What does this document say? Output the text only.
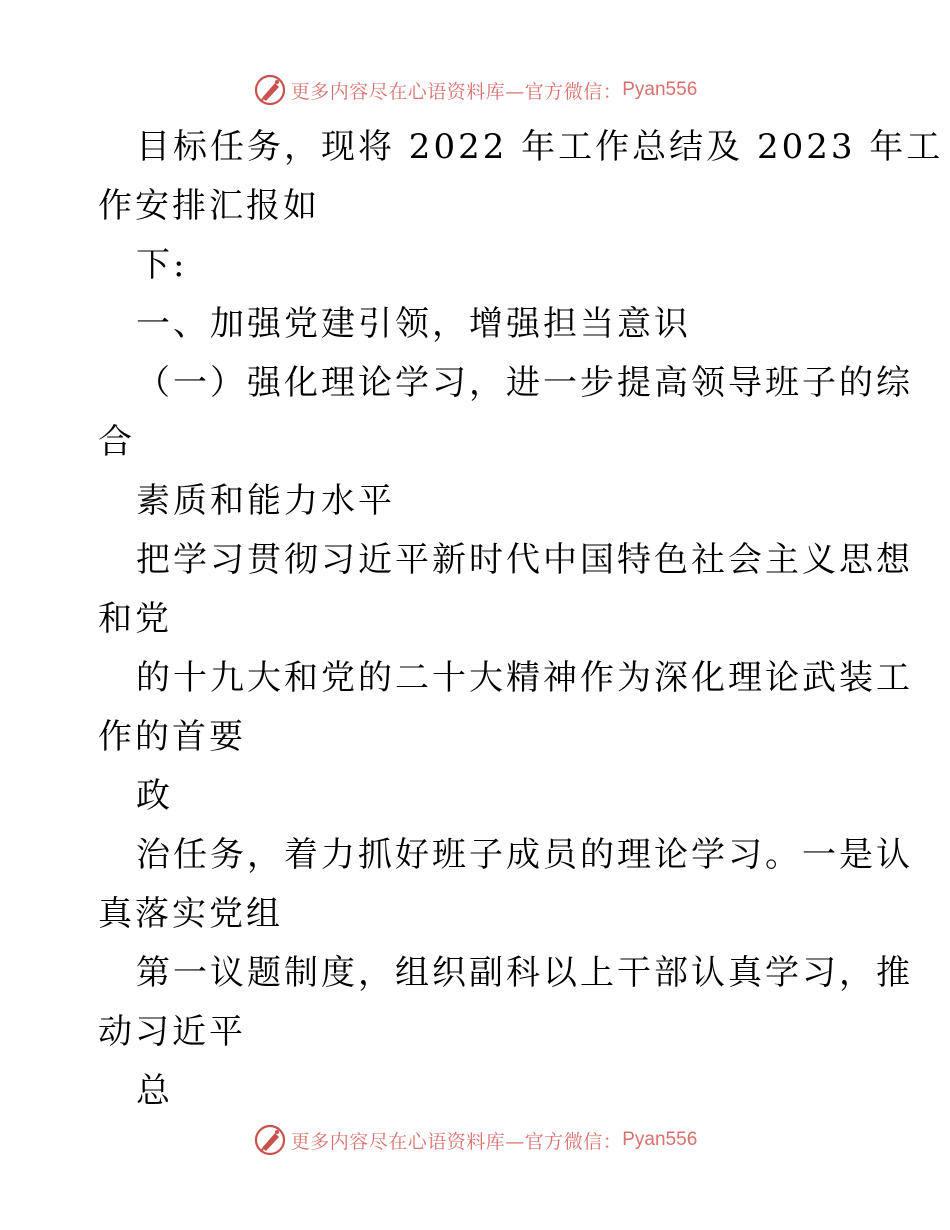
更多内容尽在心语资料库—官方微信： Pyan556
目标任务，现将 2022 年工作总结及 2023 年工
作安排汇报如
下:
一、加强党建引领，增强担当意识
（一）强化理论学习，进一步提高领导班子的综
合
素质和能力水平
把学习贯彻习近平新时代中国特色社会主义思想
和党
的十九大和党的二十大精神作为深化理论武装工
作的首要
政
治任务，着力抓好班子成员的理论学习。一是认
真落实党组
第一议题制度，组织副科以上干部认真学习，推
动习近平
总
更多内容尽在心语资料库—官方微信： Pyan556
